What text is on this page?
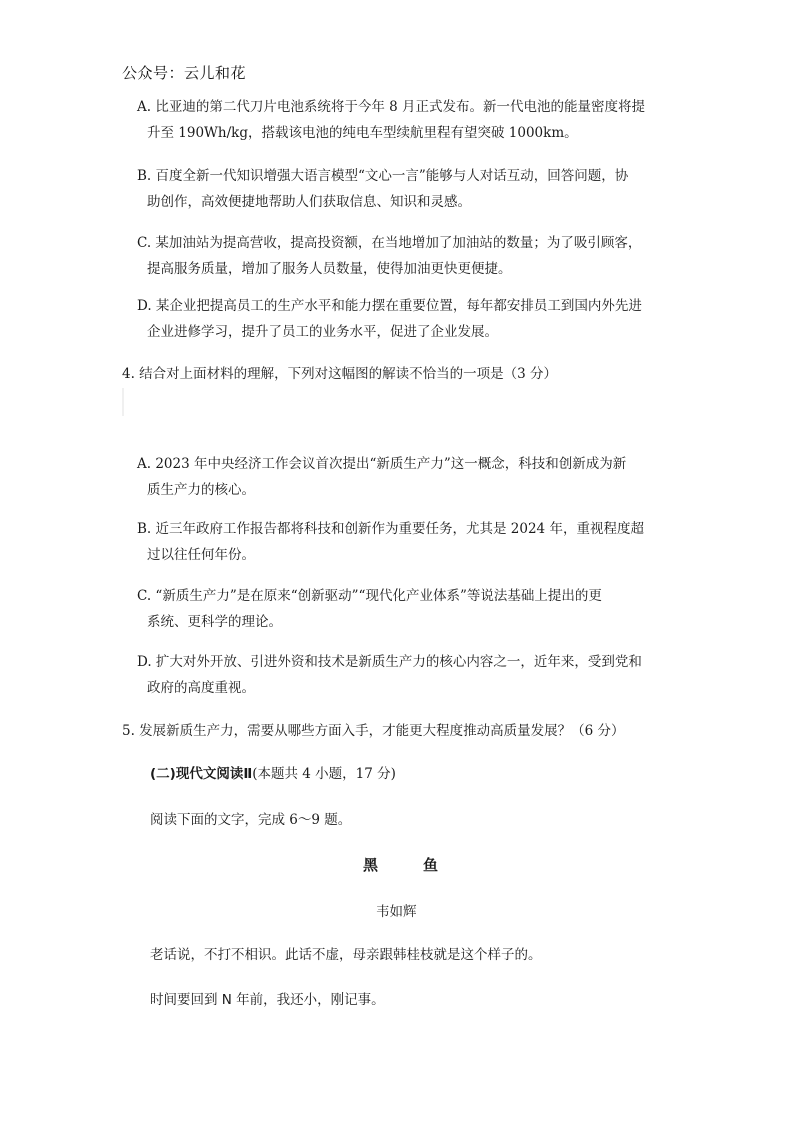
公众号：云儿和花
A. 比亚迪的第二代刀片电池系统将于今年 8 月正式发布。新一代电池的能量密度将提
升至 190Wh/kg，搭载该电池的纯电车型续航里程有望突破 1000km。
B. 百度全新一代知识增强大语言模型“文心一言”能够与人对话互动，回答问题，协
助创作，高效便捷地帮助人们获取信息、知识和灵感。
C. 某加油站为提高营收，提高投资额，在当地增加了加油站的数量；为了吸引顾客，
提高服务质量，增加了服务人员数量，使得加油更快更便捷。
D. 某企业把提高员工的生产水平和能力摆在重要位置，每年都安排员工到国内外先进
企业进修学习，提升了员工的业务水平，促进了企业发展。
4. 结合对上面材料的理解，下列对这幅图的解读不恰当的一项是（3 分）
A. 2023 年中央经济工作会议首次提出“新质生产力”这一概念，科技和创新成为新
质生产力的核心。
B. 近三年政府工作报告都将科技和创新作为重要任务，尤其是 2024 年，重视程度超
过以往任何年份。
C. “新质生产力”是在原来“创新驱动”“现代化产业体系”等说法基础上提出的更
系统、更科学的理论。
D. 扩大对外开放、引进外资和技术是新质生产力的核心内容之一，近年来，受到党和
政府的高度重视。
5. 发展新质生产力，需要从哪些方面入手，才能更大程度推动高质量发展？（6 分）
(二)现代文阅读Ⅱ(本题共 4 小题，17 分)
阅读下面的文字，完成 6～9 题。
黑鱼
韦如辉
老话说，不打不相识。此话不虚，母亲跟韩桂枝就是这个样子的。
时间要回到 N 年前，我还小，刚记事。
